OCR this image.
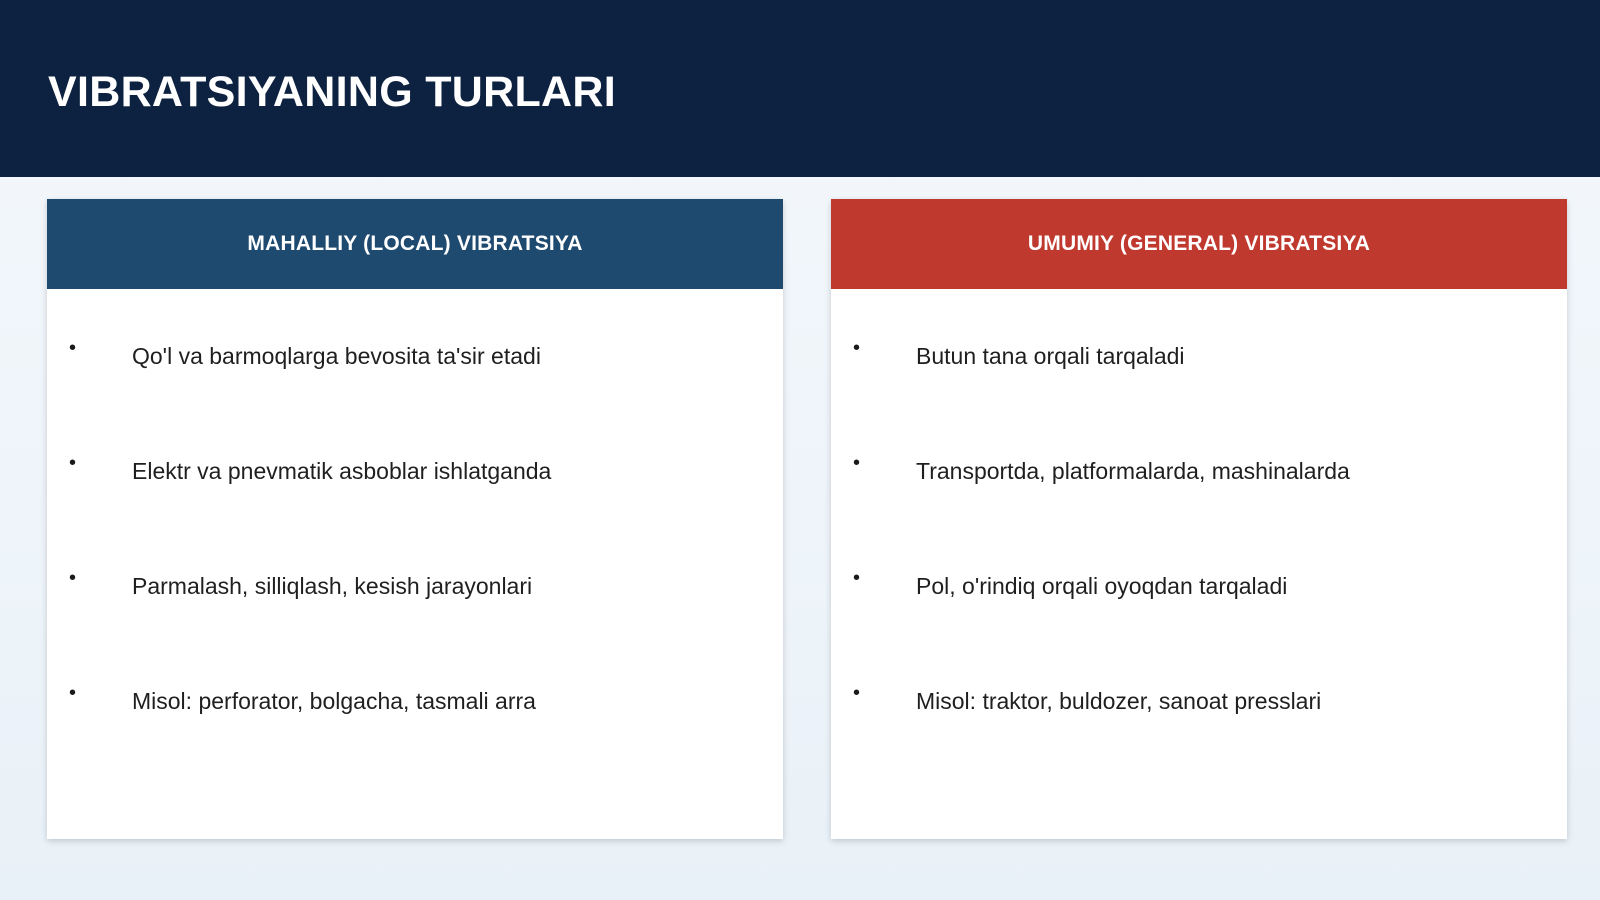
VIBRATSIYANING TURLARI
MAHALLIY (LOCAL) VIBRATSIYA
• Qo'l va barmoqlarga bevosita ta'sir etadi
• Elektr va pnevmatik asboblar ishlatganda
• Parmalash, silliqlash, kesish jarayonlari
• Misol: perforator, bolgacha, tasmali arra
UMUMIY (GENERAL) VIBRATSIYA
• Butun tana orqali tarqaladi
• Transportda, platformalarda, mashinalarda
• Pol, o'rindiq orqali oyoqdan tarqaladi
• Misol: traktor, buldozer, sanoat presslari
